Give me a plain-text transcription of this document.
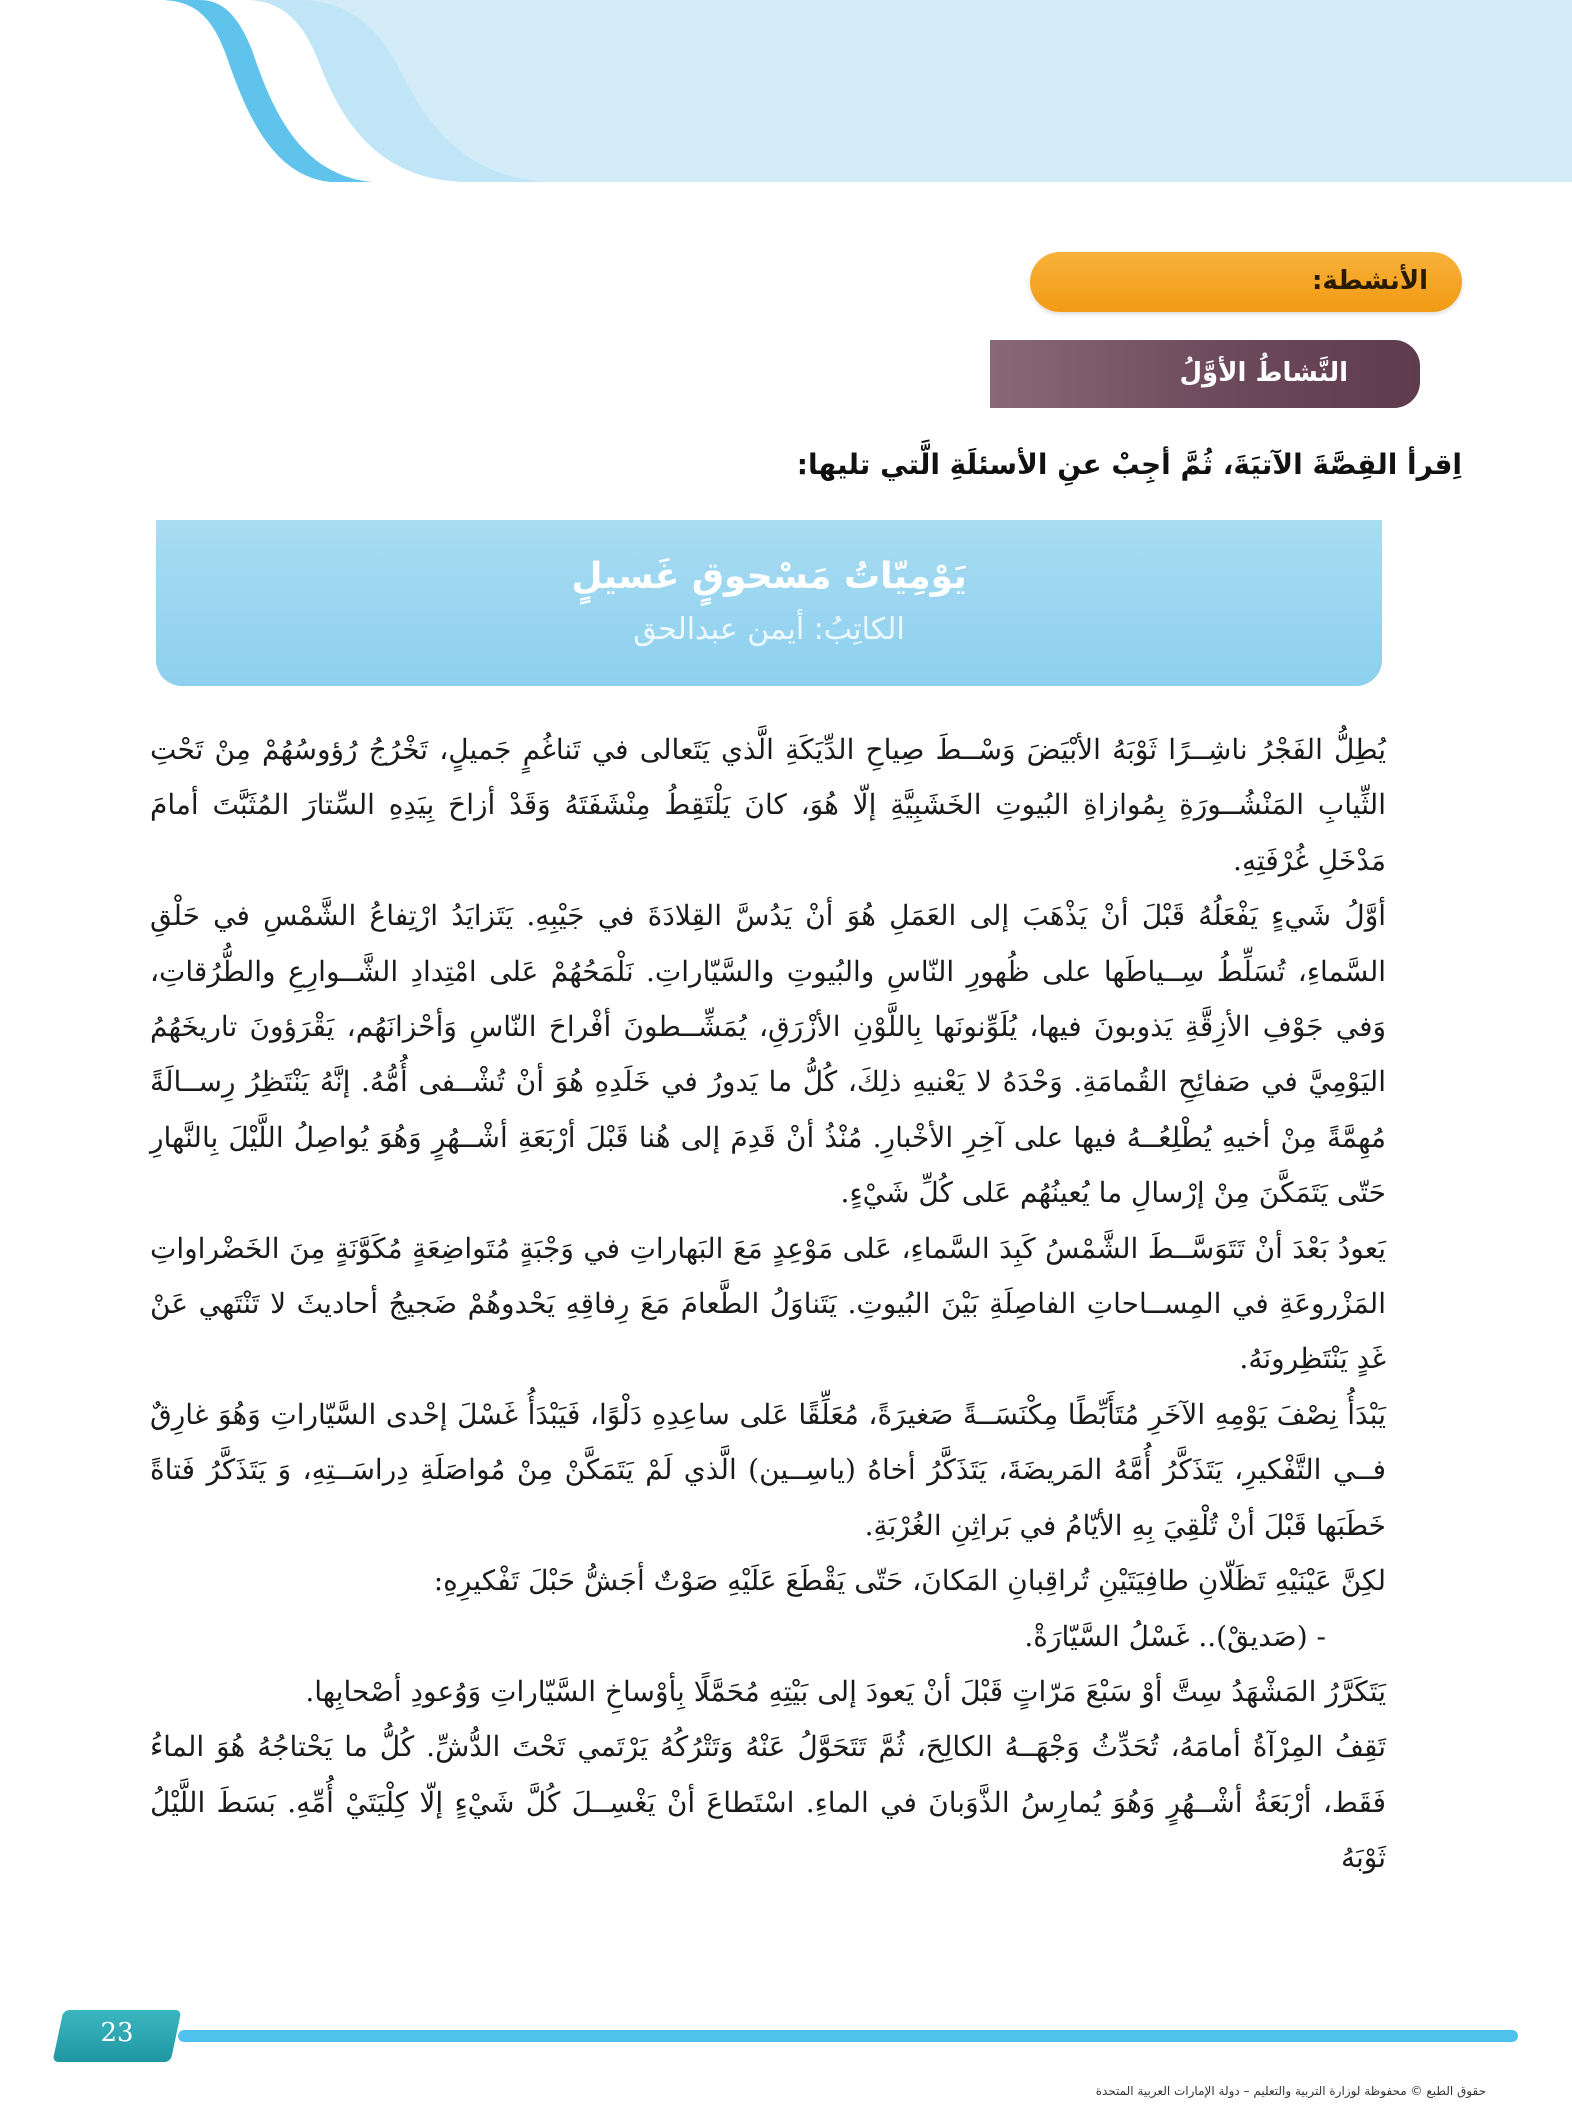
الأنشطة:
النَّشاطُ الأوَّلُ
اِقرأ القِصَّةَ الآتيَةَ، ثُمَّ أجِبْ عنِ الأسئلَةِ الَّتي تليها:
يَوْمِيّاتُ مَسْحوقٍ غَسيلٍ
الكاتِبُ: أيمن عبدالحق

يُطِلُّ الفَجْرُ ناشِــرًا ثَوْبَهُ الأبْيَضَ وَسْــطَ صِياحِ الدِّيَكَةِ الَّذي يَتَعالى في تَناغُمٍ جَميلٍ، تَخْرُجُ رُؤوسُهُمْ مِنْ تَحْتِ الثِّيابِ المَنْشُــورَةِ بِمُوازاةِ البُيوتِ الخَشَبِيَّةِ إلّا هُوَ، كانَ يَلْتَقِطُ مِنْشَفَتَهُ وَقَدْ أزاحَ بِيَدِهِ السِّتارَ المُثَبَّتَ أمامَ مَدْخَلِ غُرْفَتِهِ.

أوَّلُ شَيءٍ يَفْعَلُهُ قَبْلَ أنْ يَذْهَبَ إلى العَمَلِ هُوَ أنْ يَدُسَّ القِلادَةَ في جَيْبِهِ. يَتَزايَدُ ارْتِفاعُ الشَّمْسِ في حَلْقِ السَّماءِ، تُسَلِّطُ سِــياطَها على ظُهورِ النّاسِ والبُيوتِ والسَّيّاراتِ. نَلْمَحُهُمْ عَلى امْتِدادِ الشَّــوارِعِ والطُّرُقاتِ، وَفي جَوْفِ الأزِقَّةِ يَذوبونَ فيها، يُلَوِّنونَها بِاللَّوْنِ الأزْرَقِ، يُمَشِّــطونَ أفْراحَ النّاسِ وَأحْزانَهُم، يَقْرَؤونَ تاريخَهُمُ اليَوْمِيَّ في صَفائِحِ القُمامَةِ. وَحْدَهُ لا يَعْنيهِ ذلِكَ، كُلُّ ما يَدورُ في خَلَدِهِ هُوَ أنْ تُشْــفى أُمُّهُ. إنَّهُ يَنْتَظِرُ رِســالَةً مُهِمَّةً مِنْ أخيهِ يُطْلِعُــهُ فيها على آخِرِ الأخْبارِ. مُنْذُ أنْ قَدِمَ إلى هُنا قَبْلَ أرْبَعَةِ أشْــهُرٍ وَهُوَ يُواصِلُ اللَّيْلَ بِالنَّهارِ حَتّى يَتَمَكَّنَ مِنْ إرْسالِ ما يُعينُهُم عَلى كُلِّ شَيْءٍ.

يَعودُ بَعْدَ أنْ تَتَوَسَّــطَ الشَّمْسُ كَبِدَ السَّماءِ، عَلى مَوْعِدٍ مَعَ البَهاراتِ في وَجْبَةٍ مُتَواضِعَةٍ مُكَوَّنَةٍ مِنَ الخَضْراواتِ المَزْروعَةِ في المِســاحاتِ الفاصِلَةِ بَيْنَ البُيوتِ. يَتَناوَلُ الطَّعامَ مَعَ رِفاقِهِ يَحْدوهُمْ ضَجيجُ أحاديثَ لا تَنْتَهي عَنْ غَدٍ يَنْتَظِرونَهُ.

يَبْدَأُ نِصْفَ يَوْمِهِ الآخَرِ مُتَأَبِّطًا مِكْنَسَــةً صَغيرَةً، مُعَلِّقًا عَلى ساعِدِهِ دَلْوًا، فَيَبْدَأُ غَسْلَ إحْدى السَّيّاراتِ وَهُوَ غارِقٌ فــي التَّفْكيرِ، يَتَذَكَّرُ أُمَّهُ المَريضَةَ، يَتَذَكَّرُ أخاهُ (ياسِــين) الَّذي لَمْ يَتَمَكَّنْ مِنْ مُواصَلَةِ دِراسَــتِهِ، وَ يَتَذَكَّرُ فَتاةً خَطَبَها قَبْلَ أنْ تُلْقِيَ بِهِ الأيّامُ في بَراثِنِ الغُرْبَةِ.

لكِنَّ عَيْنَيْهِ تَظَلّانِ طافِيَتَيْنِ تُراقِبانِ المَكانَ، حَتّى يَقْطَعَ عَلَيْهِ صَوْتٌ أجَشُّ حَبْلَ تَفْكيرِهِ:

- (صَديقْ).. غَسْلُ السَّيّارَةْ.

يَتَكَرَّرُ المَشْهَدُ سِتَّ أوْ سَبْعَ مَرّاتٍ قَبْلَ أنْ يَعودَ إلى بَيْتِهِ مُحَمَّلًا بِأوْساخِ السَّيّاراتِ وَوُعودِ أصْحابِها.

تَقِفُ المِرْآةُ أمامَهُ، تُحَدِّثُ وَجْهَــهُ الكالِحَ، ثُمَّ تَتَحَوَّلُ عَنْهُ وَتَتْرُكُهُ يَرْتَمي تَحْتَ الدُّشِّ. كُلُّ ما يَحْتاجُهُ هُوَ الماءُ فَقَط، أرْبَعَةُ أشْــهُرٍ وَهُوَ يُمارِسُ الذَّوَبانَ في الماءِ. اسْتَطاعَ أنْ يَغْسِــلَ كُلَّ شَيْءٍ إلّا كِلْيَتَيْ أُمِّهِ. بَسَطَ اللَّيْلُ ثَوْبَهُ

23
حقوق الطبع © محفوظة لوزارة التربية والتعليم – دولة الإمارات العربية المتحدة
